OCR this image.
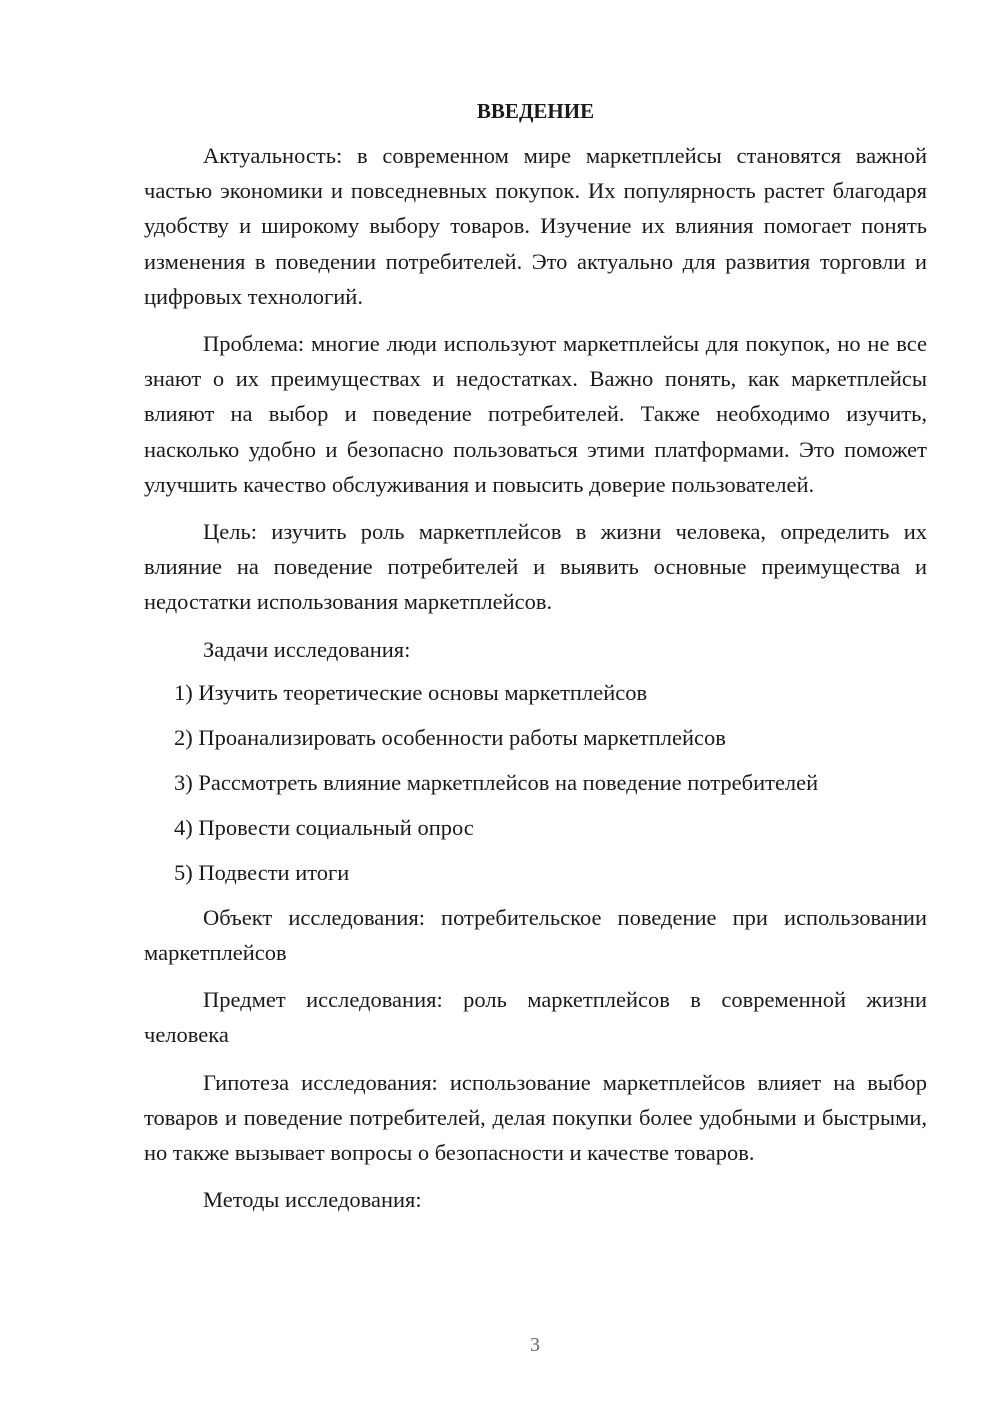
ВВЕДЕНИЕ

Актуальность: в современном мире маркетплейсы становятся важной частью экономики и повседневных покупок. Их популярность растет благодаря удобству и широкому выбору товаров. Изучение их влияния помогает понять изменения в поведении потребителей. Это актуально для развития торговли и цифровых технологий.

Проблема: многие люди используют маркетплейсы для покупок, но не все знают о их преимуществах и недостатках. Важно понять, как маркетплейсы влияют на выбор и поведение потребителей. Также необходимо изучить, насколько удобно и безопасно пользоваться этими платформами. Это поможет улучшить качество обслуживания и повысить доверие пользователей.

Цель: изучить роль маркетплейсов в жизни человека, определить их влияние на поведение потребителей и выявить основные преимущества и недостатки использования маркетплейсов.

Задачи исследования:

1) Изучить теоретические основы маркетплейсов
2) Проанализировать особенности работы маркетплейсов
3) Рассмотреть влияние маркетплейсов на поведение потребителей
4) Провести социальный опрос
5) Подвести итоги

Объект исследования: потребительское поведение при использовании маркетплейсов

Предмет исследования: роль маркетплейсов в современной жизни человека

Гипотеза исследования: использование маркетплейсов влияет на выбор товаров и поведение потребителей, делая покупки более удобными и быстрыми, но также вызывает вопросы о безопасности и качестве товаров.

Методы исследования:

3
